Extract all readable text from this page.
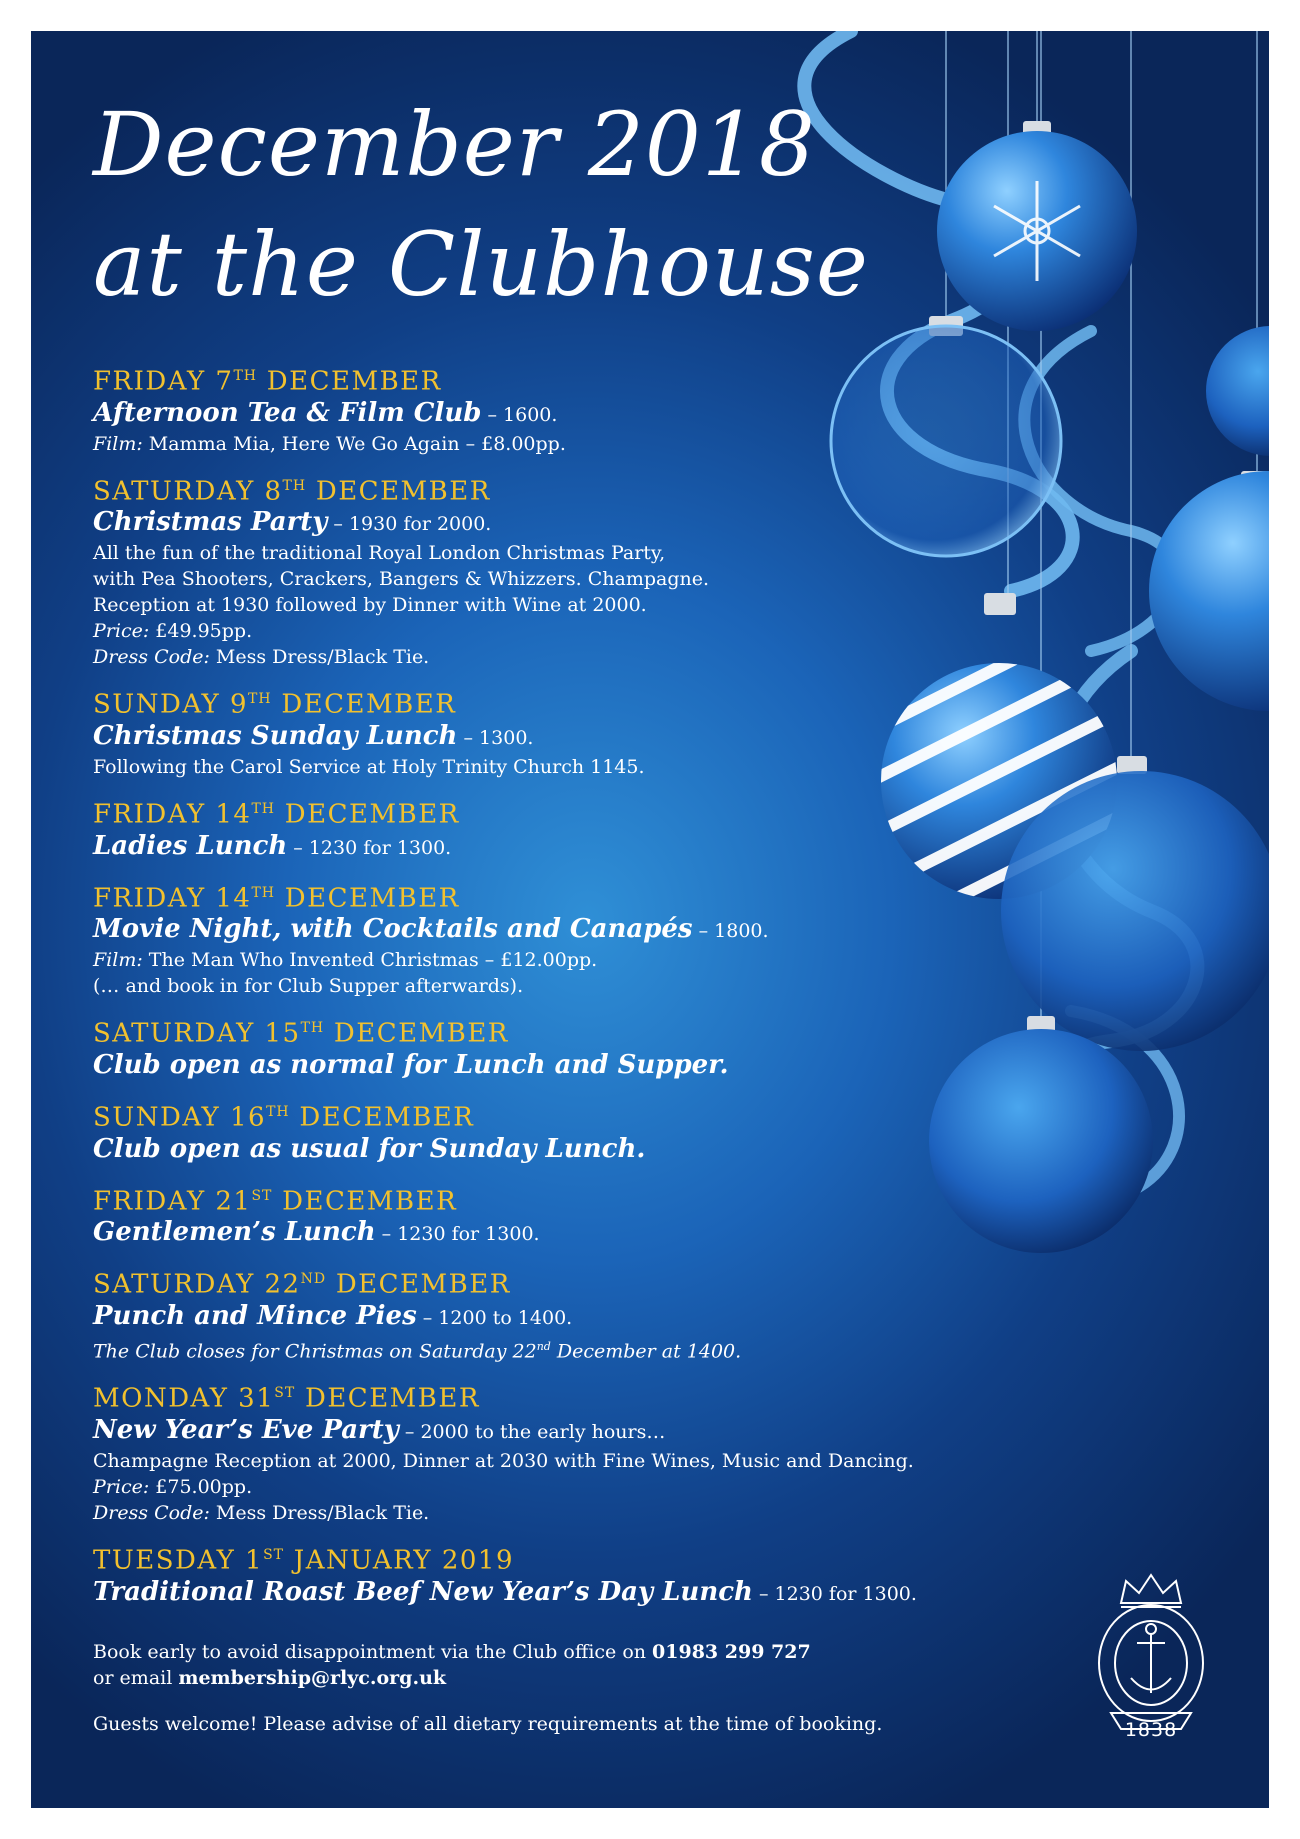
December 2018
at the Clubhouse
FRIDAY 7TH DECEMBER
Afternoon Tea & Film Club – 1600.
Film: Mamma Mia, Here We Go Again – £8.00pp.
SATURDAY 8TH DECEMBER
Christmas Party – 1930 for 2000.
All the fun of the traditional Royal London Christmas Party,
with Pea Shooters, Crackers, Bangers & Whizzers. Champagne.
Reception at 1930 followed by Dinner with Wine at 2000.
Price: £49.95pp.
Dress Code: Mess Dress/Black Tie.
SUNDAY 9TH DECEMBER
Christmas Sunday Lunch – 1300.
Following the Carol Service at Holy Trinity Church 1145.
FRIDAY 14TH DECEMBER
Ladies Lunch – 1230 for 1300.
FRIDAY 14TH DECEMBER
Movie Night, with Cocktails and Canapés – 1800.
Film: The Man Who Invented Christmas – £12.00pp.
(… and book in for Club Supper afterwards).
SATURDAY 15TH DECEMBER
Club open as normal for Lunch and Supper.
SUNDAY 16TH DECEMBER
Club open as usual for Sunday Lunch.
FRIDAY 21ST DECEMBER
Gentlemen’s Lunch – 1230 for 1300.
SATURDAY 22ND DECEMBER
Punch and Mince Pies – 1200 to 1400.
The Club closes for Christmas on Saturday 22nd December at 1400.
MONDAY 31ST DECEMBER
New Year’s Eve Party – 2000 to the early hours…
Champagne Reception at 2000, Dinner at 2030 with Fine Wines, Music and Dancing.
Price: £75.00pp.
Dress Code: Mess Dress/Black Tie.
TUESDAY 1ST JANUARY 2019
Traditional Roast Beef New Year’s Day Lunch – 1230 for 1300.
Book early to avoid disappointment via the Club office on 01983 299 727
or email membership@rlyc.org.uk
Guests welcome! Please advise of all dietary requirements at the time of booking.	1838
